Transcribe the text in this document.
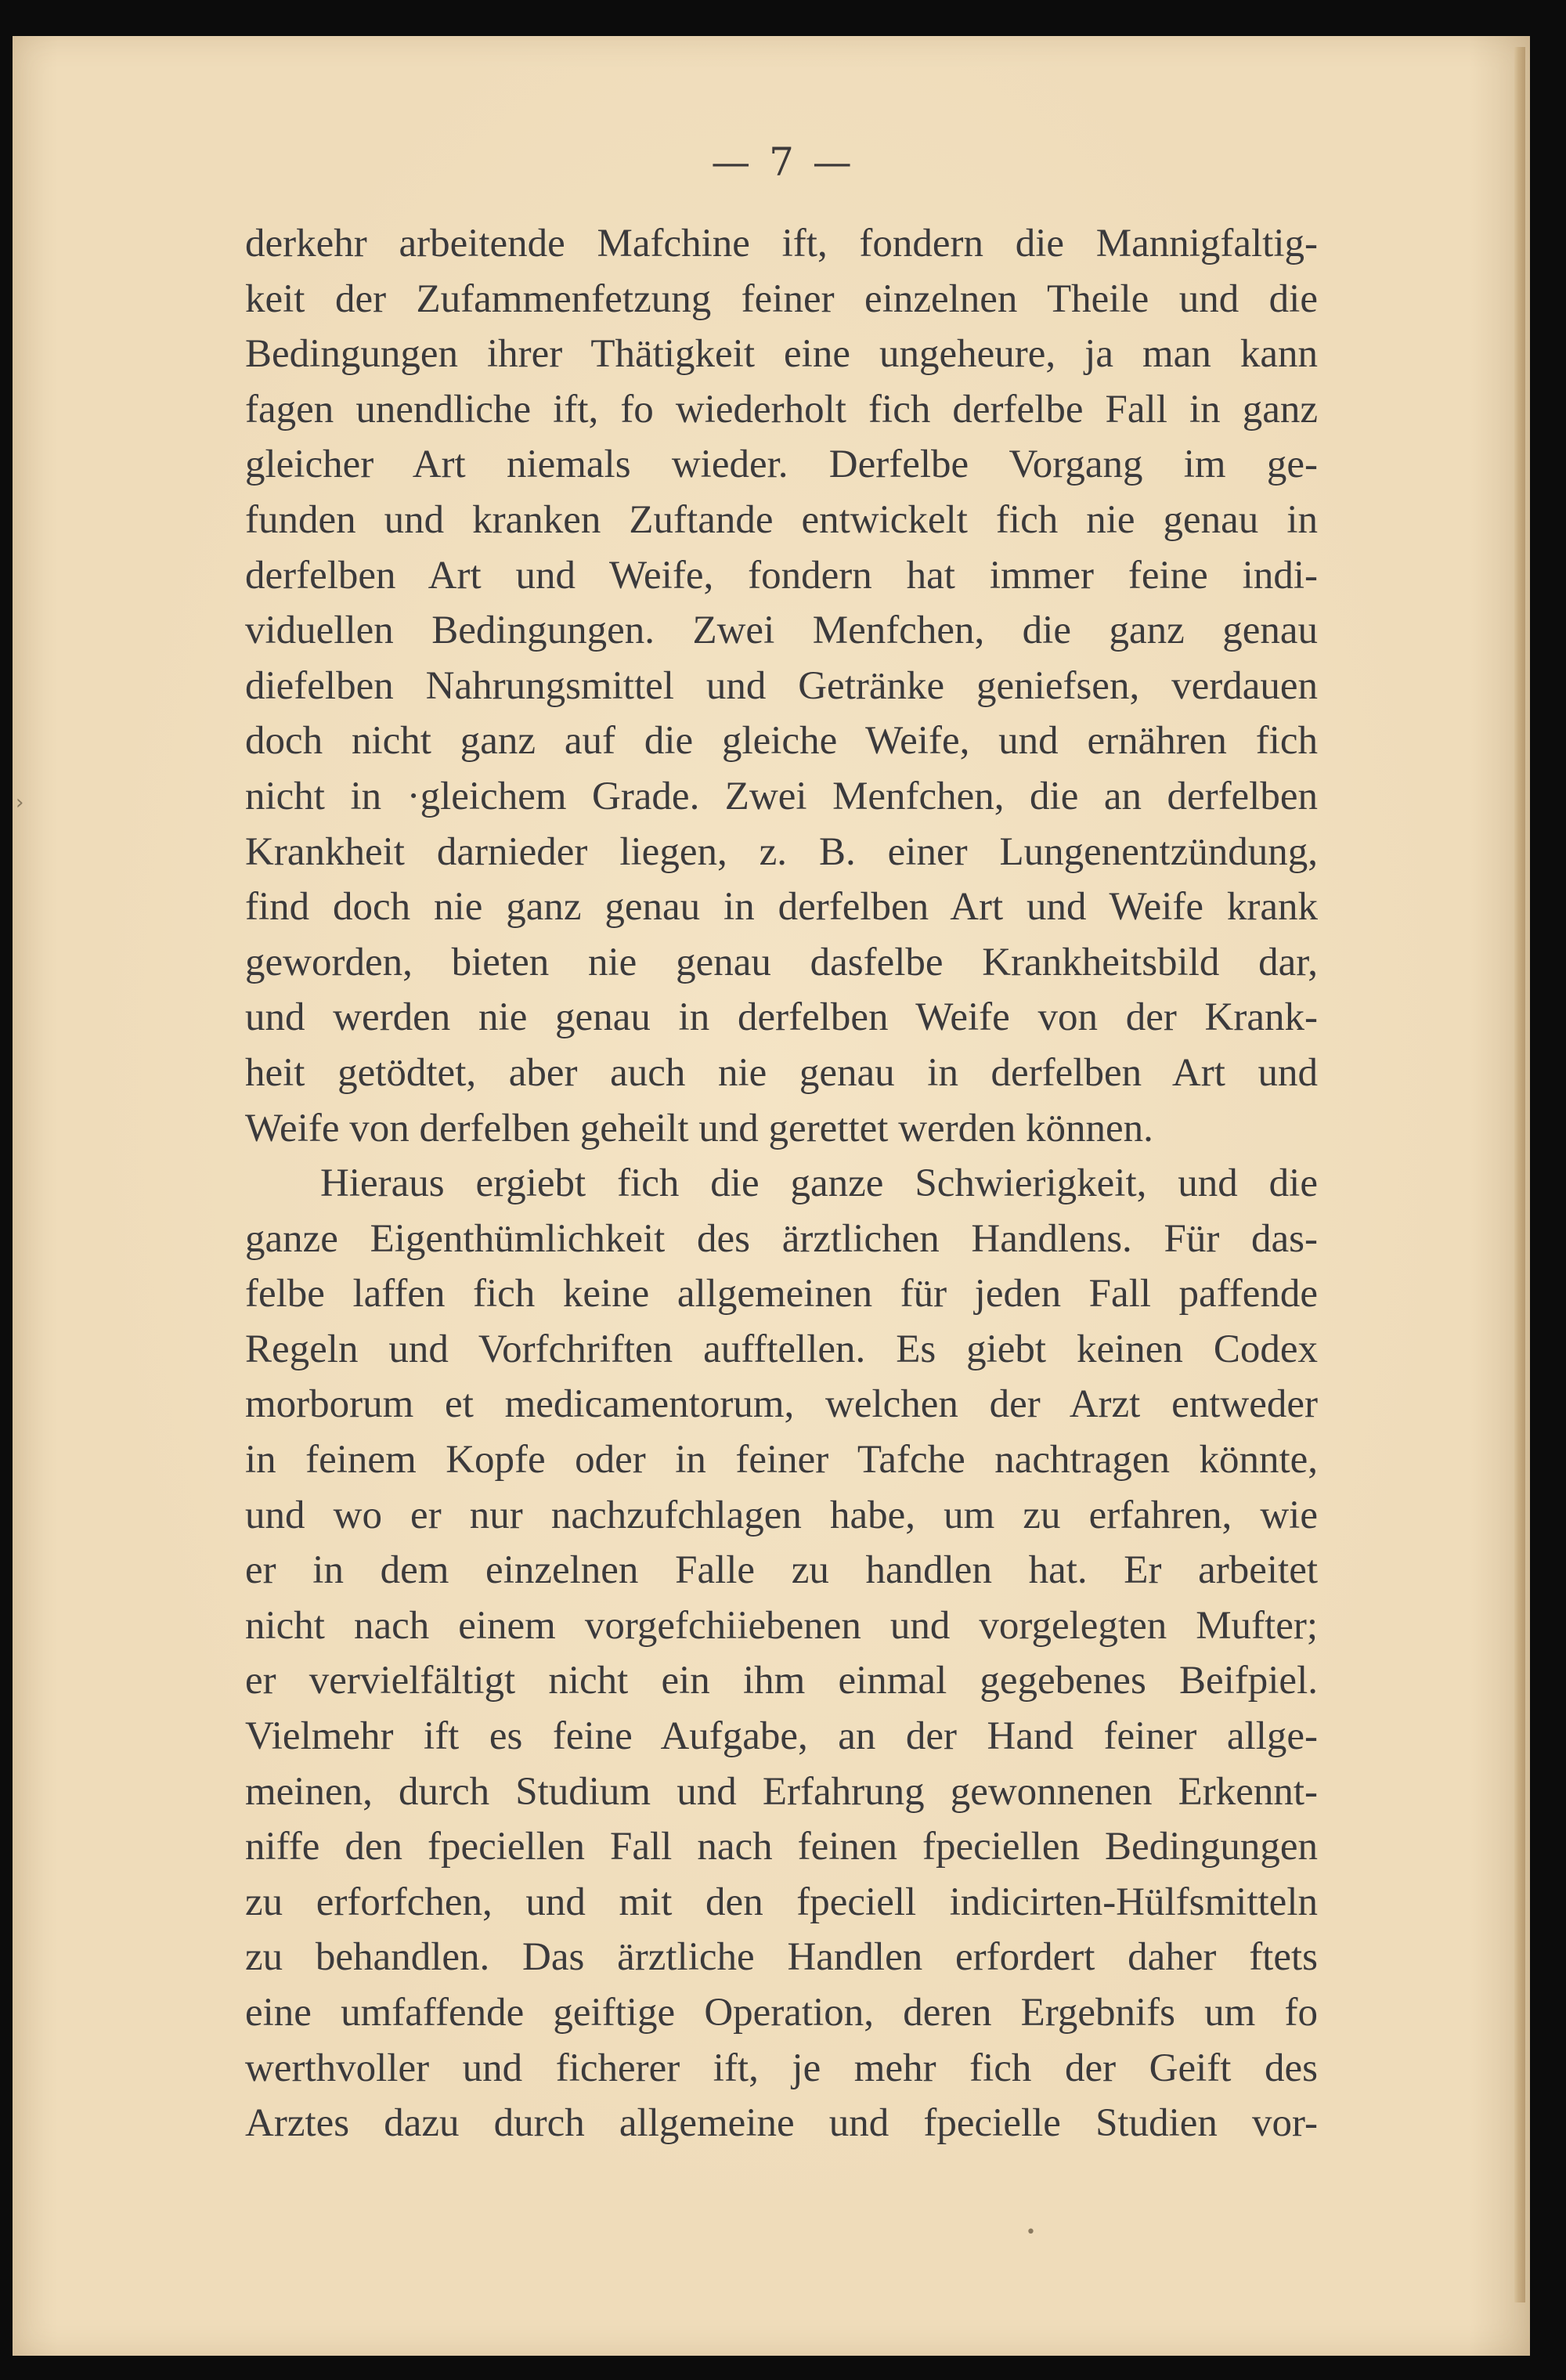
— 7 —
derkehr arbeitende Mafchine ift, fondern die Mannigfaltig-
keit der Zufammenfetzung feiner einzelnen Theile und die
Bedingungen ihrer Thätigkeit eine ungeheure, ja man kann
fagen unendliche ift, fo wiederholt fich derfelbe Fall in ganz
gleicher Art niemals wieder. Derfelbe Vorgang im ge-
funden und kranken Zuftande entwickelt fich nie genau in
derfelben Art und Weife, fondern hat immer feine indi-
viduellen Bedingungen. Zwei Menfchen, die ganz genau
diefelben Nahrungsmittel und Getränke geniefsen, verdauen
doch nicht ganz auf die gleiche Weife, und ernähren fich
nicht in ·gleichem Grade. Zwei Menfchen, die an derfelben
Krankheit darnieder liegen, z. B. einer Lungenentzündung,
find doch nie ganz genau in derfelben Art und Weife krank
geworden, bieten nie genau dasfelbe Krankheitsbild dar,
und werden nie genau in derfelben Weife von der Krank-
heit getödtet, aber auch nie genau in derfelben Art und
Weife von derfelben geheilt und gerettet werden können.
Hieraus ergiebt fich die ganze Schwierigkeit, und die
ganze Eigenthümlichkeit des ärztlichen Handlens. Für das-
felbe laffen fich keine allgemeinen für jeden Fall paffende
Regeln und Vorfchriften aufftellen. Es giebt keinen Codex
morborum et medicamentorum, welchen der Arzt entweder
in feinem Kopfe oder in feiner Tafche nachtragen könnte,
und wo er nur nachzufchlagen habe, um zu erfahren, wie
er in dem einzelnen Falle zu handlen hat. Er arbeitet
nicht nach einem vorgefchiiebenen und vorgelegten Mufter;
er vervielfältigt nicht ein ihm einmal gegebenes Beifpiel.
Vielmehr ift es feine Aufgabe, an der Hand feiner allge-
meinen, durch Studium und Erfahrung gewonnenen Erkennt-
niffe den fpeciellen Fall nach feinen fpeciellen Bedingungen
zu erforfchen, und mit den fpeciell indicirten-Hülfsmitteln
zu behandlen. Das ärztliche Handlen erfordert daher ftets
eine umfaffende geiftige Operation, deren Ergebnifs um fo
werthvoller und ficherer ift, je mehr fich der Geift des
Arztes dazu durch allgemeine und fpecielle Studien vor-
•
›
